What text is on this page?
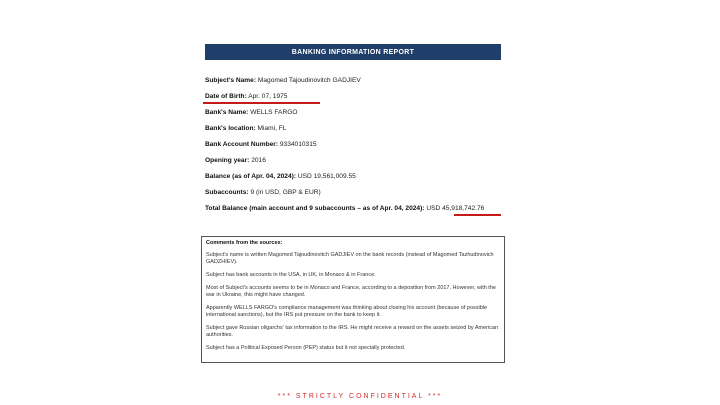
BANKING INFORMATION REPORT
Subject's Name: Magomed Tajoudinovitch GADJIEV
Date of Birth: Apr. 07, 1975
Bank's Name: WELLS FARGO
Bank's location: Miami, FL
Bank Account Number: 9334010315
Opening year: 2016
Balance (as of Apr. 04, 2024): USD 19,561,009.55
Subaccounts: 9 (in USD, GBP & EUR)
Total Balance (main account and 9 subaccounts – as of Apr. 04, 2024): USD 45,918,742.76
Comments from the sources:

Subject's name is written Magomed Tajoudinovitch GADJIEV on the bank records (instead of Magomed Tazhudinovich GADZHIEV).

Subject has bank accounts in the USA, in UK, in Monaco & in France.

Most of Subject's accounts seems to be in Monaco and France, according to a deposition from 2017. However, with the war in Ukraine, this might have changed.

Apparently WELLS FARGO's compliance management was thinking about closing his account (because of possible international sanctions), but the IRS put pressure on the bank to keep it.

Subject gave Russian oligarchs' tax information to the IRS. He might receive a reward on the assets seized by American authorities.

Subject has a Political Exposed Person (PEP) status but it not specially protected.

*** STRICTLY CONFIDENTIAL ***
